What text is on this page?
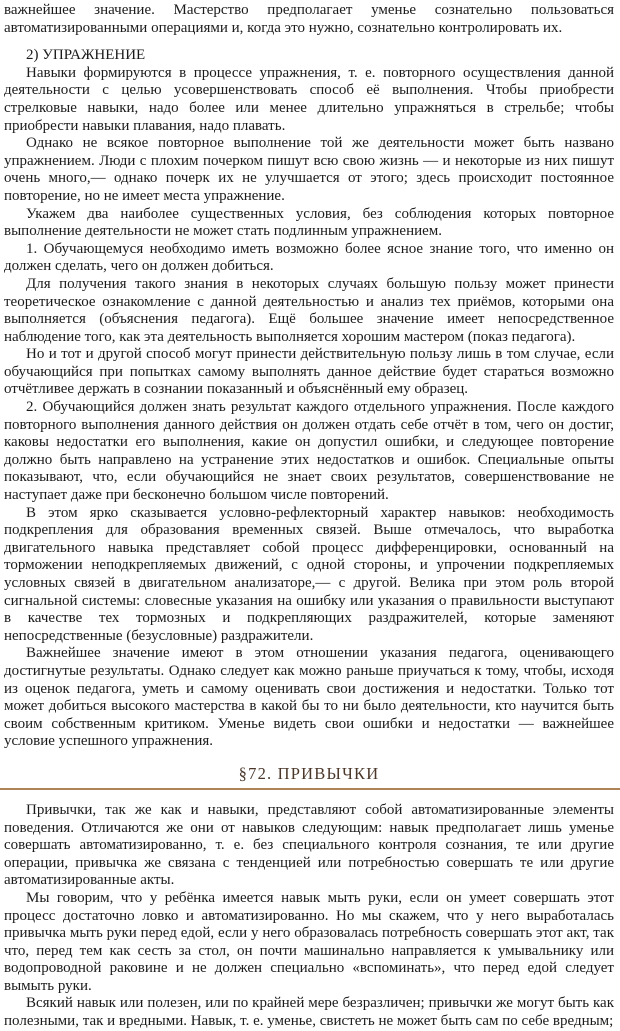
важнейшее значение. Мастерство предполагает уменье сознательно пользоваться автоматизированными операциями и, когда это нужно, сознательно контролировать их.

2) УПРАЖНЕНИЕ

Навыки формируются в процессе упражнения, т. е. повторного осуществления данной деятельности с целью усовершенствовать способ её выполнения. Чтобы приобрести стрелковые навыки, надо более или менее длительно упражняться в стрельбе; чтобы приобрести навыки плавания, надо плавать.

Однако не всякое повторное выполнение той же деятельности может быть названо упражнением. Люди с плохим почерком пишут всю свою жизнь — и некоторые из них пишут очень много,— однако почерк их не улучшается от этого; здесь происходит постоянное повторение, но не имеет места упражнение.

Укажем два наиболее существенных условия, без соблюдения которых повторное выполнение деятельности не может стать подлинным упражнением.

1. Обучающемуся необходимо иметь возможно более ясное знание того, что именно он должен сделать, чего он должен добиться.

Для получения такого знания в некоторых случаях большую пользу может принести теоретическое ознакомление с данной деятельностью и анализ тех приёмов, которыми она выполняется (объяснения педагога). Ещё большее значение имеет непосредственное наблюдение того, как эта деятельность выполняется хорошим мастером (показ педагога).

Но и тот и другой способ могут принести действительную пользу лишь в том случае, если обучающийся при попытках самому выполнять данное действие будет стараться возможно отчётливее держать в сознании показанный и объяснённый ему образец.

2. Обучающийся должен знать результат каждого отдельного упражнения. После каждого повторного выполнения данного действия он должен отдать себе отчёт в том, чего он достиг, каковы недостатки его выполнения, какие он допустил ошибки, и следующее повторение должно быть направлено на устранение этих недостатков и ошибок. Специальные опыты показывают, что, если обучающийся не знает своих результатов, совершенствование не наступает даже при бесконечно большом числе повторений.

В этом ярко сказывается условно-рефлекторный характер навыков: необходимость подкрепления для образования временных связей. Выше отмечалось, что выработка двигательного навыка представляет собой процесс дифференцировки, основанный на торможении неподкрепляемых движений, с одной стороны, и упрочении подкрепляемых условных связей в двигательном анализаторе,— с другой. Велика при этом роль второй сигнальной системы: словесные указания на ошибку или указания о правильности выступают в качестве тех тормозных и подкрепляющих раздражителей, которые заменяют непосредственные (безусловные) раздражители.

Важнейшее значение имеют в этом отношении указания педагога, оценивающего достигнутые результаты. Однако следует как можно раньше приучаться к тому, чтобы, исходя из оценок педагога, уметь и самому оценивать свои достижения и недостатки. Только тот может добиться высокого мастерства в какой бы то ни было деятельности, кто научится быть своим собственным критиком. Уменье видеть свои ошибки и недостатки — важнейшее условие успешного упражнения.

§72. ПРИВЫЧКИ

Привычки, так же как и навыки, представляют собой автоматизированные элементы поведения. Отличаются же они от навыков следующим: навык предполагает лишь уменье совершать автоматизированно, т. е. без специального контроля сознания, те или другие операции, привычка же связана с тенденцией или потребностью совершать те или другие автоматизированные акты.

Мы говорим, что у ребёнка имеется навык мыть руки, если он умеет совершать этот процесс достаточно ловко и автоматизированно. Но мы скажем, что у него выработалась привычка мыть руки перед едой, если у него образовалась потребность совершать этот акт, так что, перед тем как сесть за стол, он почти машинально направляется к умывальнику или водопроводной раковине и не должен специально «вспоминать», что перед едой следует вымыть руки.

Всякий навык или полезен, или по крайней мере безразличен; привычки же могут быть как полезными, так и вредными. Навык, т. е. уменье, свистеть не может быть сам по себе вредным;
